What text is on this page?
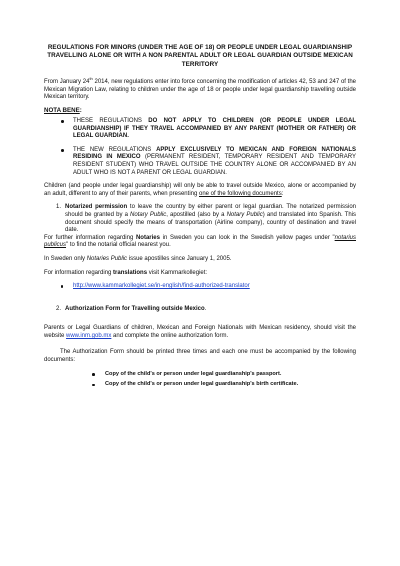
REGULATIONS FOR MINORS (UNDER THE AGE OF 18) OR PEOPLE UNDER LEGAL GUARDIANSHIP TRAVELLING ALONE OR WITH A NON PARENTAL ADULT OR LEGAL GUARDIAN OUTSIDE MEXICAN TERRITORY

From January 24th 2014, new regulations enter into force concerning the modification of articles 42, 53 and 247 of the Mexican Migration Law, relating to children under the age of 18 or people under legal guardianship travelling outside Mexican territory.

NOTA BENE:

THESE REGULATIONS DO NOT APPLY TO CHILDREN (OR PEOPLE UNDER LEGAL GUARDIANSHIP) IF THEY TRAVEL ACCOMPANIED BY ANY PARENT (MOTHER OR FATHER) OR LEGAL GUARDIAN.

THE NEW REGULATIONS APPLY EXCLUSIVELY TO MEXICAN AND FOREIGN NATIONALS RESIDING IN MEXICO (PERMANENT RESIDENT, TEMPORARY RESIDENT AND TEMPORARY RESIDENT STUDENT) WHO TRAVEL OUTSIDE THE COUNTRY ALONE OR ACCOMPANIED BY AN ADULT WHO IS NOT A PARENT OR LEGAL GUARDIAN.

Children (and people under legal guardianship) will only be able to travel outside Mexico, alone or accompanied by an adult, different to any of their parents, when presenting one of the following documents:

1. Notarized permission to leave the country by either parent or legal guardian. The notarized permission should be granted by a Notary Public, apostilled (also by a Notary Public) and translated into Spanish. This document should specify the means of transportation (Airline company), country of destination and travel date.

For further information regarding Notaries in Sweden you can look in the Swedish yellow pages under "notarius publicus" to find the notarial official nearest you.

In Sweden only Notaries Public issue apostilles since January 1, 2005.

For information regarding translations visit Kammarkollegiet:

http://www.kammarkollegiet.se/in-english/find-authorized-translator

2. Authorization Form for Travelling outside Mexico.

Parents or Legal Guardians of children, Mexican and Foreign Nationals with Mexican residency, should visit the website www.inm.gob.mx and complete the online authorization form.

The Authorization Form should be printed three times and each one must be accompanied by the following documents:

Copy of the child's or person under legal guardianship's passport.

Copy of the child's or person under legal guardianship's birth certificate.
